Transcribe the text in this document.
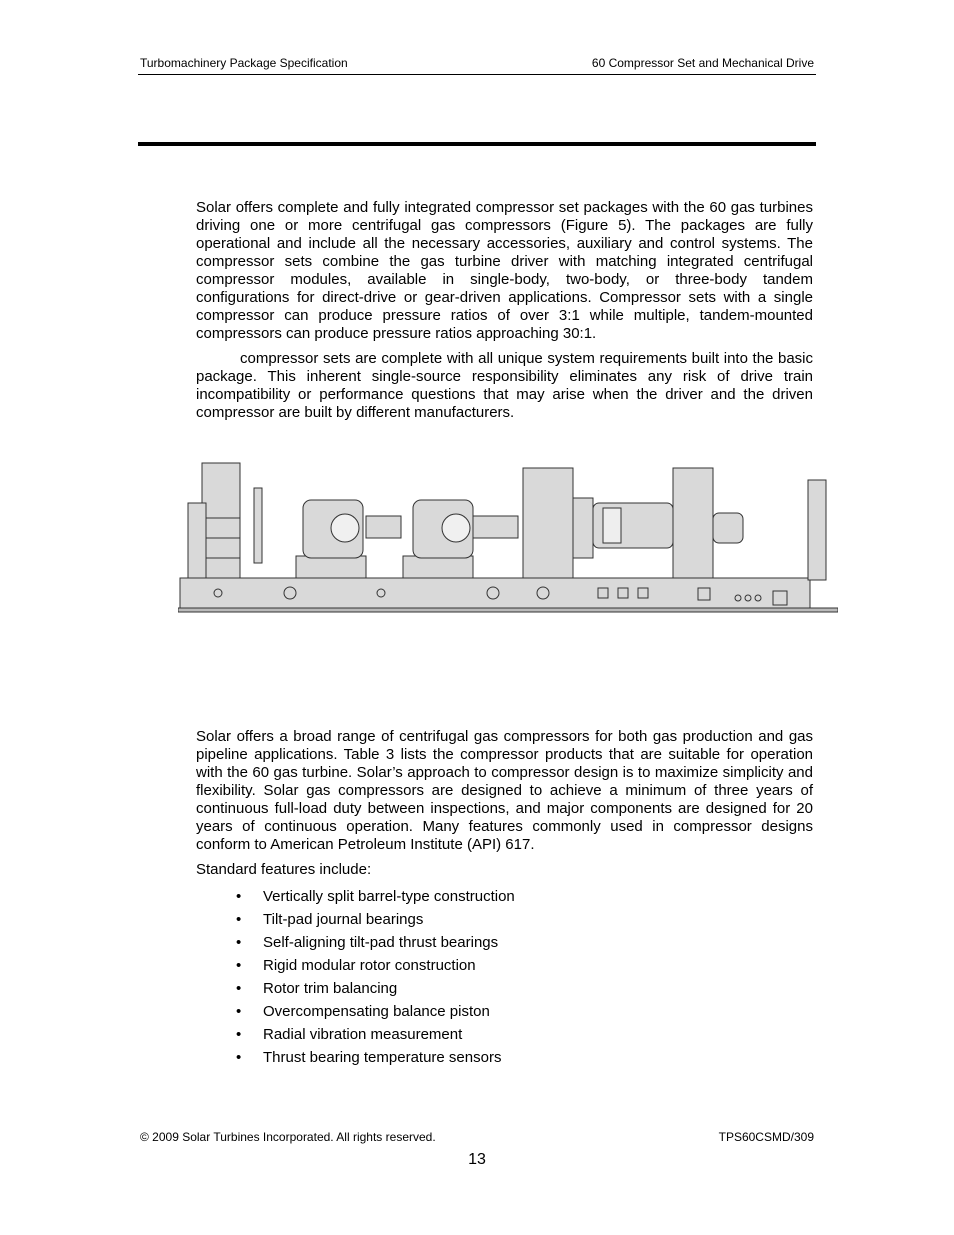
Turbomachinery Package Specification	60 Compressor Set and Mechanical Drive
Solar offers complete and fully integrated compressor set packages with the 60 gas turbines driving one or more centrifugal gas compressors (Figure 5). The packages are fully operational and include all the necessary accessories, auxiliary and control systems. The compressor sets combine the gas turbine driver with matching integrated centrifugal compressor modules, available in single-body, two-body, or three-body tandem configurations for direct-drive or gear-driven applications. Compressor sets with a single compressor can produce pressure ratios of over 3:1 while multiple, tandem-mounted compressors can produce pressure ratios approaching 30:1.
compressor sets are complete with all unique system requirements built into the basic package. This inherent single-source responsibility eliminates any risk of drive train incompatibility or performance questions that may arise when the driver and the driven compressor are built by different manufacturers.
Solar offers a broad range of centrifugal gas compressors for both gas production and gas pipeline applications. Table 3 lists the compressor products that are suitable for operation with the 60 gas turbine. Solar’s approach to compressor design is to maximize simplicity and flexibility. Solar gas compressors are designed to achieve a minimum of three years of continuous full-load duty between inspections, and major components are designed for 20 years of continuous operation. Many features commonly used in compressor designs conform to American Petroleum Institute (API) 617.
Standard features include:
• Vertically split barrel-type construction
• Tilt-pad journal bearings
• Self-aligning tilt-pad thrust bearings
• Rigid modular rotor construction
• Rotor trim balancing
• Overcompensating balance piston
• Radial vibration measurement
• Thrust bearing temperature sensors
© 2009 Solar Turbines Incorporated. All rights reserved.	TPS60CSMD/309
13
